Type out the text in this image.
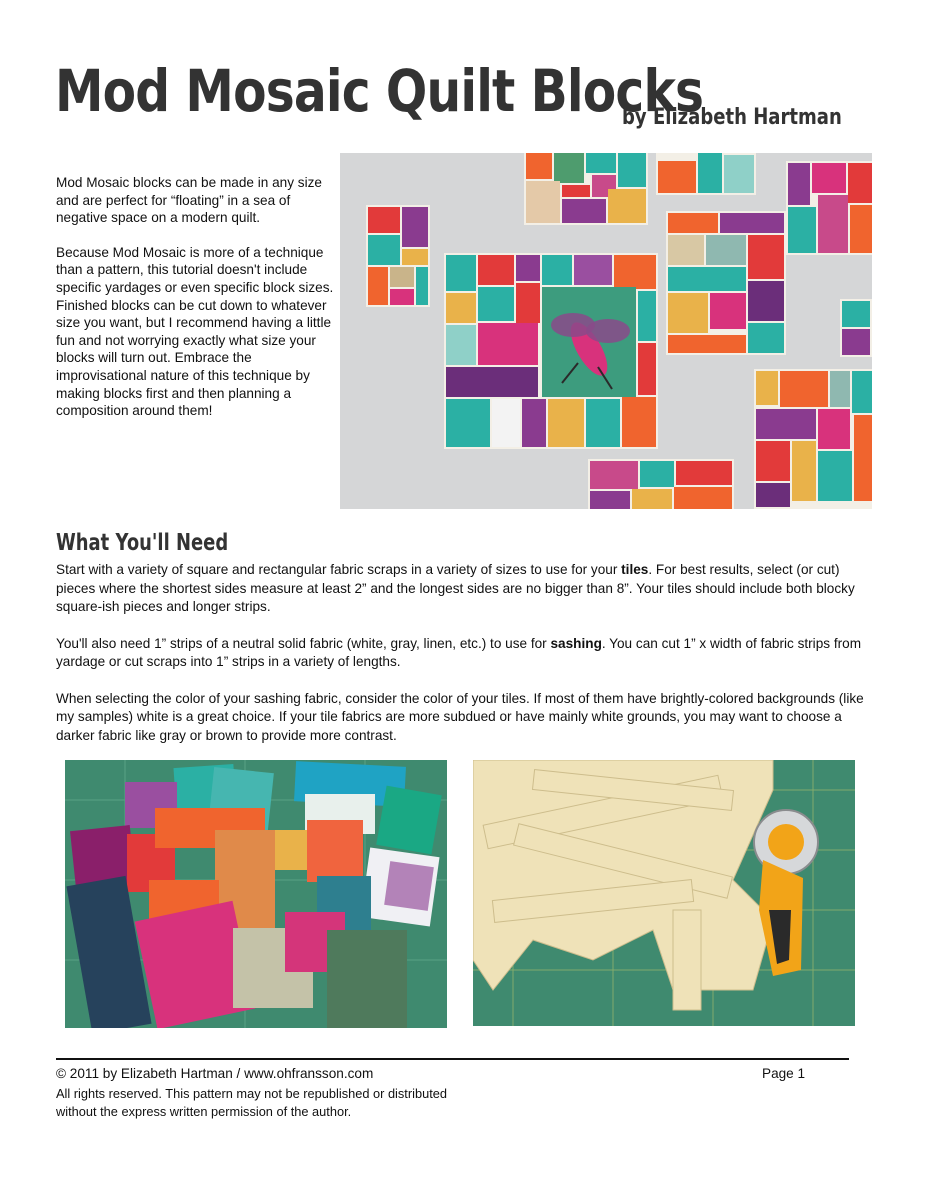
Mod Mosaic Quilt Blocks
by Elizabeth Hartman

Mod Mosaic blocks can be made in any size and are perfect for “floating” in a sea of negative space on a modern quilt.

Because Mod Mosaic is more of a technique than a pattern, this tutorial doesn't include specific yardages or even specific block sizes. Finished blocks can be cut down to whatever size you want, but I recommend having a little fun and not worrying exactly what size your blocks will turn out. Embrace the improvisational nature of this technique by making blocks first and then planning a composition around them!

What You'll Need

Start with a variety of square and rectangular fabric scraps in a variety of sizes to use for your tiles. For best results, select (or cut) pieces where the shortest sides measure at least 2” and the longest sides are no bigger than 8”. Your tiles should include both blocky square-ish pieces and longer strips.

You'll also need 1” strips of a neutral solid fabric (white, gray, linen, etc.) to use for sashing. You can cut 1” x width of fabric strips from yardage or cut scraps into 1” strips in a variety of lengths.

When selecting the color of your sashing fabric, consider the color of your tiles. If most of them have brightly-colored backgrounds (like my samples) white is a great choice. If your tile fabrics are more subdued or have mainly white grounds, you may want to choose a darker fabric like gray or brown to provide more contrast.

© 2011 by Elizabeth Hartman / www.ohfransson.com	Page 1
All rights reserved. This pattern may not be republished or distributed
without the express written permission of the author.
